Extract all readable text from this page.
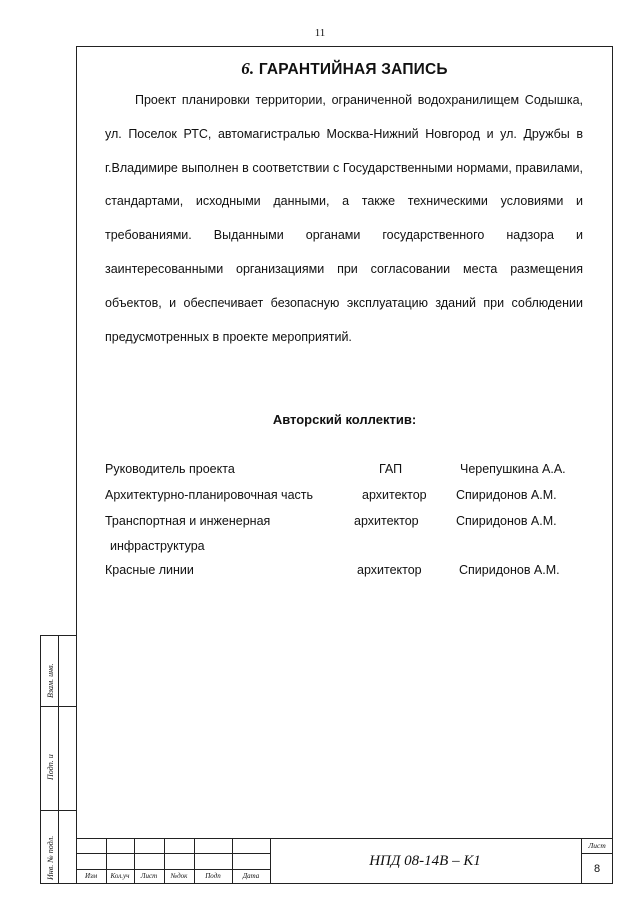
11
Взам. инв.
Подп. и
Инв. № подл.
6. ГАРАНТИЙНАЯ ЗАПИСЬ
Проект планировки территории, ограниченной водохранилищем Содышка, ул. Поселок РТС, автомагистралью Москва-Нижний Новгород и ул. Дружбы в г.Владимире выполнен в соответствии с Государственными нормами, правилами, стандартами, исходными данными, а также техническими условиями и требованиями. Выданными органами государственного надзора и заинтересованными организациями при согласовании места размещения объектов, и обеспечивает безопасную эксплуатацию зданий при соблюдении предусмотренных в проекте мероприятий.
Авторский коллектив:
Руководитель проекта	ГАП	Черепушкина А.А.
Архитектурно-планировочная часть	архитектор Спиридонов А.М.
Транспортная и инженерная
инфраструктура
архитектор	Спиридонов А.М.
Красные линии	архитектор	Спиридонов А.М.
Изм	Кол.уч	Лист	№док	Подп	Дата
НПД 08-14В – К1
Лист
8
